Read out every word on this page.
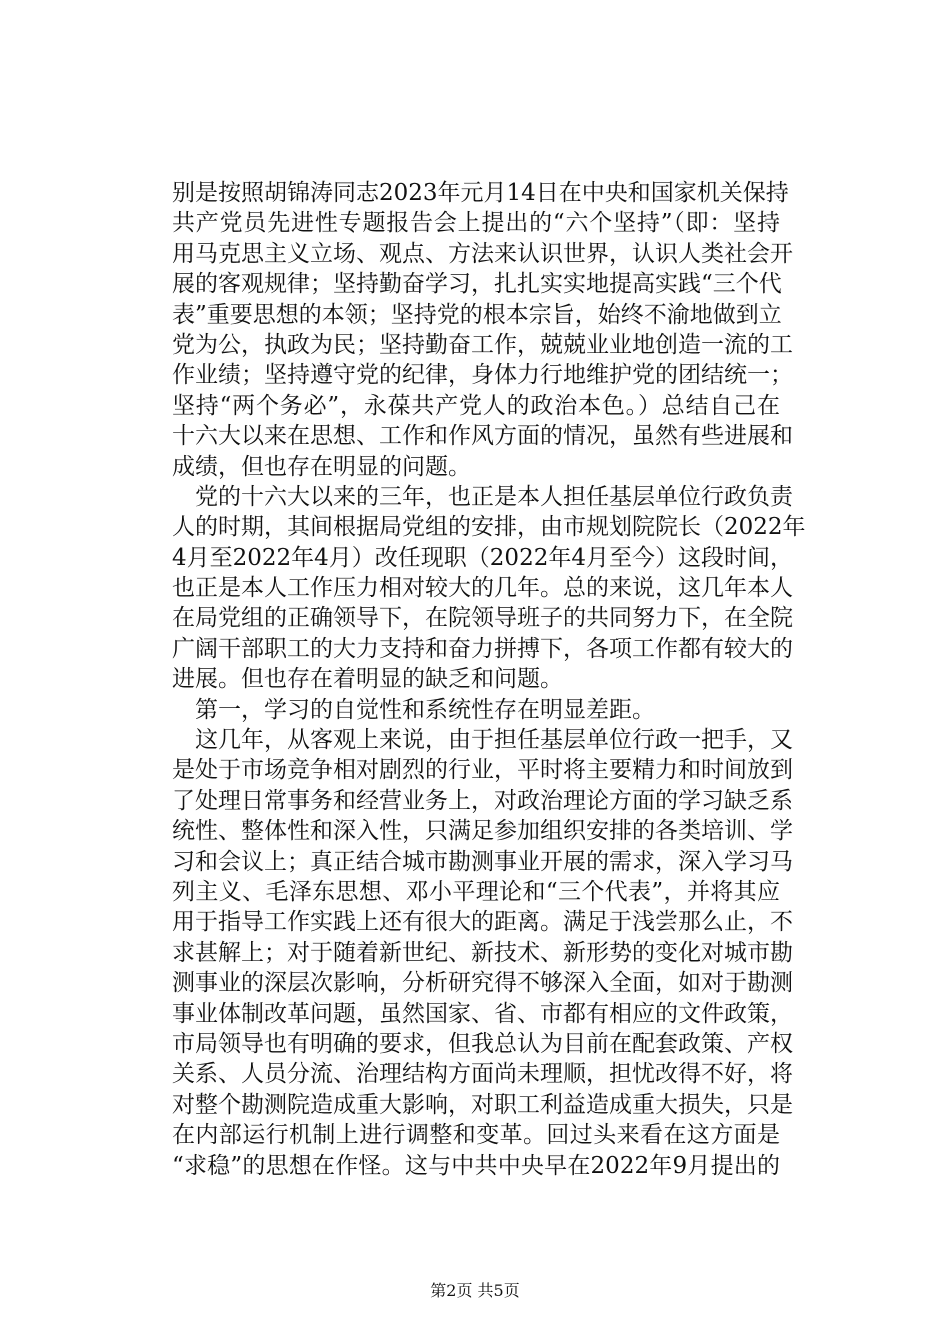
别是按照胡锦涛同志2023年元月14日在中央和国家机关保持
共产党员先进性专题报告会上提出的“六个坚持”（即：坚持
用马克思主义立场、观点、方法来认识世界，认识人类社会开
展的客观规律；坚持勤奋学习，扎扎实实地提高实践“三个代
表”重要思想的本领；坚持党的根本宗旨，始终不渝地做到立
党为公，执政为民；坚持勤奋工作，兢兢业业地创造一流的工
作业绩；坚持遵守党的纪律，身体力行地维护党的团结统一；
坚持“两个务必”，永葆共产党人的政治本色。）总结自己在
十六大以来在思想、工作和作风方面的情况，虽然有些进展和
成绩，但也存在明显的问题。
　党的十六大以来的三年，也正是本人担任基层单位行政负责
人的时期，其间根据局党组的安排，由市规划院院长（2022年
4月至2022年4月）改任现职（2022年4月至今）这段时间，
也正是本人工作压力相对较大的几年。总的来说，这几年本人
在局党组的正确领导下，在院领导班子的共同努力下，在全院
广阔干部职工的大力支持和奋力拼搏下，各项工作都有较大的
进展。但也存在着明显的缺乏和问题。
　第一，学习的自觉性和系统性存在明显差距。
　这几年，从客观上来说，由于担任基层单位行政一把手，又
是处于市场竞争相对剧烈的行业，平时将主要精力和时间放到
了处理日常事务和经营业务上，对政治理论方面的学习缺乏系
统性、整体性和深入性，只满足参加组织安排的各类培训、学
习和会议上；真正结合城市勘测事业开展的需求，深入学习马
列主义、毛泽东思想、邓小平理论和“三个代表”，并将其应
用于指导工作实践上还有很大的距离。满足于浅尝那么止，不
求甚解上；对于随着新世纪、新技术、新形势的变化对城市勘
测事业的深层次影响，分析研究得不够深入全面，如对于勘测
事业体制改革问题，虽然国家、省、市都有相应的文件政策，
市局领导也有明确的要求，但我总认为目前在配套政策、产权
关系、人员分流、治理结构方面尚未理顺，担忧改得不好，将
对整个勘测院造成重大影响，对职工利益造成重大损失，只是
在内部运行机制上进行调整和变革。回过头来看在这方面是
“求稳”的思想在作怪。这与中共中央早在2022年9月提出的
第2页 共5页
